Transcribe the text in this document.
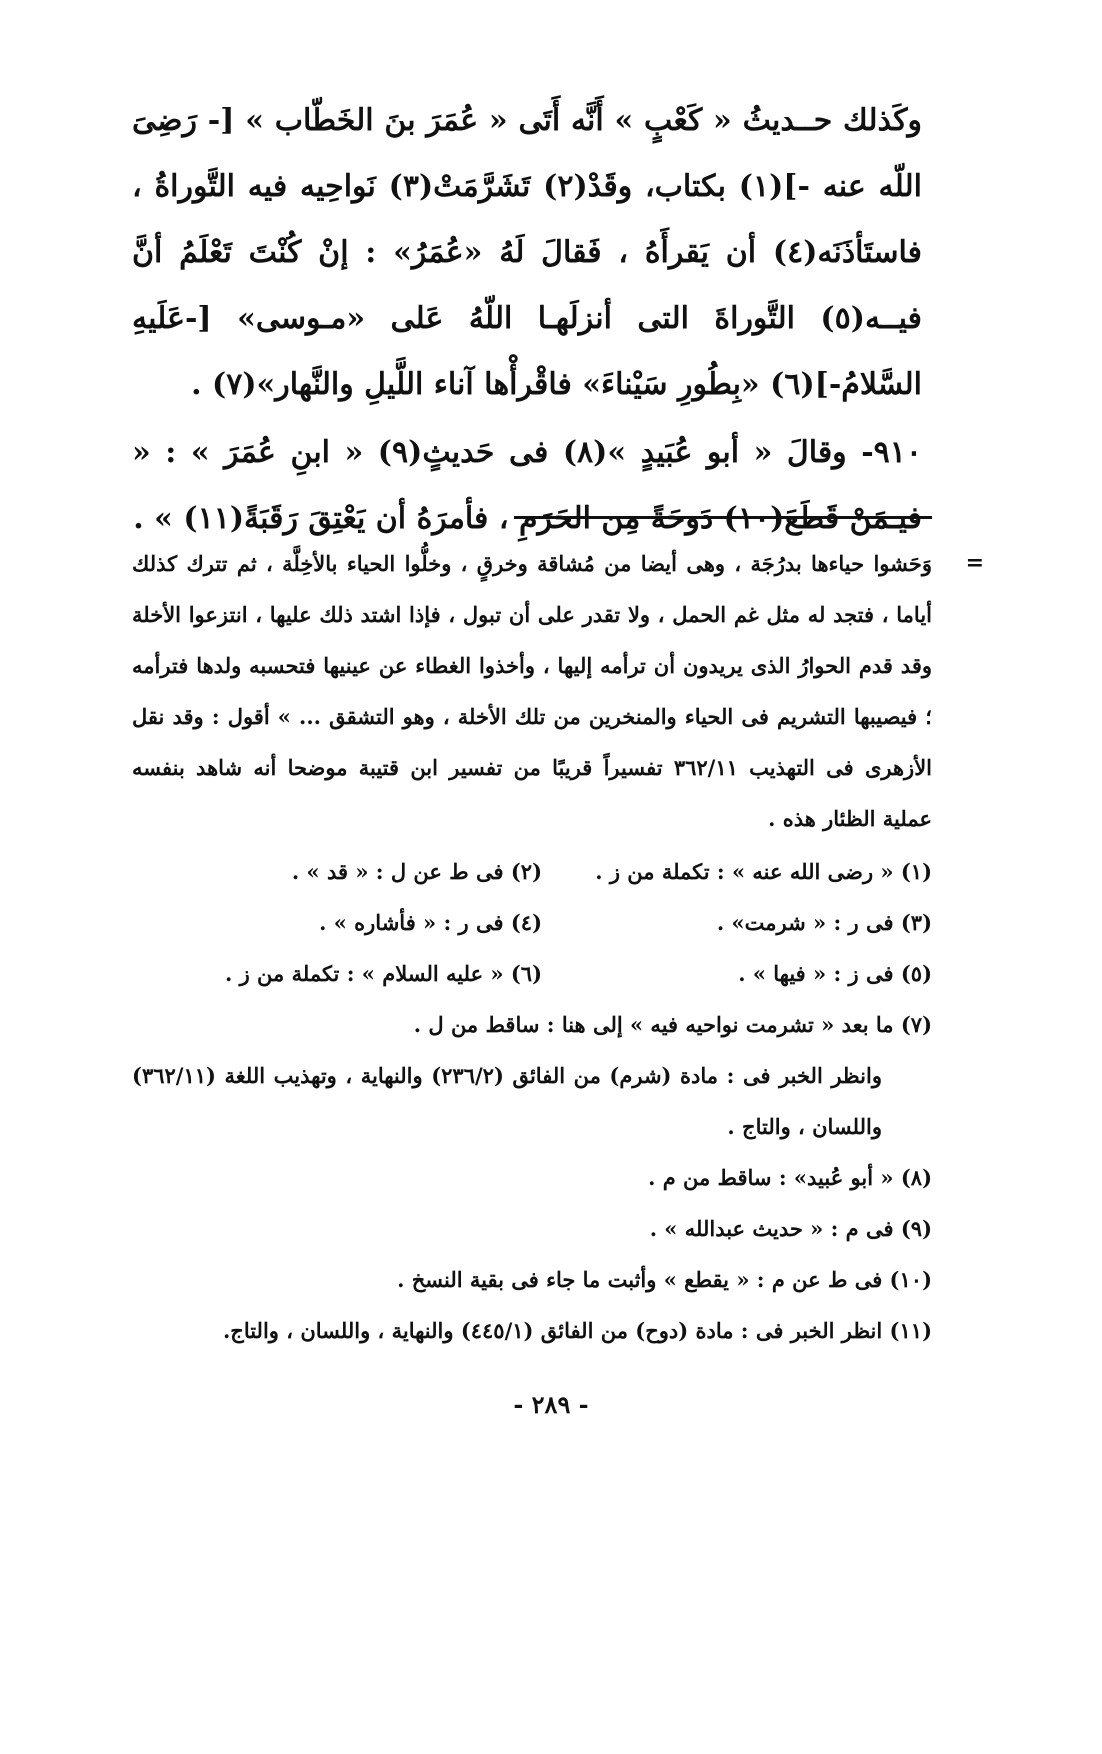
وكَذلك حــديثُ « كَعْبٍ » أَنَّه أَتَى « عُمَرَ بنَ الخَطّاب » [- رَضِىَ اللّه عنه -](١) بكتاب، وقَدْ(٢) تَشَرَّمَتْ(٣) نَواحِيه فيه التَّوراةُ ، فاستَأذَنَه(٤) أن يَقرأَهُ ، فَقالَ لَهُ «عُمَرُ» : إنْ كُنْتَ تَعْلَمُ أنَّ فيــه(٥) التَّوراةَ التى أنزلَهـا اللّهُ عَلى «مـوسى» [-عَلَيهِ السَّلامُ-](٦) «بِطُورِ سَيْناءَ» فاقْرأْها آناء اللَّيلِ والنَّهار»(٧) .

٩١٠- وقالَ « أبو عُبَيدٍ »(٨) فى حَديثٍ(٩) « ابنِ عُمَرَ » : « فيـمَنْ قَطَعَ(١٠) دَوحَةً مِن الحَرَمِ ، فأمرَهُ أن يَعْتِقَ رَقَبَةً(١١) » .

=
وَحَشوا حياءها بدرُجَة ، وهى أيضا من مُشاقة وخرقٍ ، وخلُّوا الحياء بالأخِلَّة ، ثم تترك كذلك أياما ، فتجد له مثل غم الحمل ، ولا تقدر على أن تبول ، فإذا اشتد ذلك عليها ، انتزعوا الأخلة وقد قدم الحوارُ الذى يريدون أن ترأمه إليها ، وأخذوا الغطاء عن عينيها فتحسبه ولدها فترأمه ؛ فيصيبها التشريم فى الحياء والمنخرين من تلك الأخلة ، وهو التشقق ... » أقول : وقد نقل الأزهرى فى التهذيب ٣٦٢/١١ تفسيراً قريبًا من تفسير ابن قتيبة موضحا أنه شاهد بنفسه عملية الظئار هذه .
(١) « رضى الله عنه » : تكملة من ز .
(٢) فى ط عن ل : « قد » .
(٣) فى ر : « شرمت» .
(٤) فى ر : « فأشاره » .
(٥) فى ز : « فيها » .
(٦) « عليه السلام » : تكملة من ز .
(٧) ما بعد « تشرمت نواحيه فيه » إلى هنا : ساقط من ل .
وانظر الخبر فى : مادة (شرم) من الفائق (٢٣٦/٢) والنهاية ، وتهذيب اللغة (٣٦٢/١١) واللسان ، والتاج .
(٨) « أبو عُبيد» : ساقط من م .
(٩) فى م : « حديث عبدالله » .
(١٠) فى ط عن م : « يقطع » وأثبت ما جاء فى بقية النسخ .
(١١) انظر الخبر فى : مادة (دوح) من الفائق (٤٤٥/١) والنهاية ، واللسان ، والتاج.
- ٢٨٩ -
